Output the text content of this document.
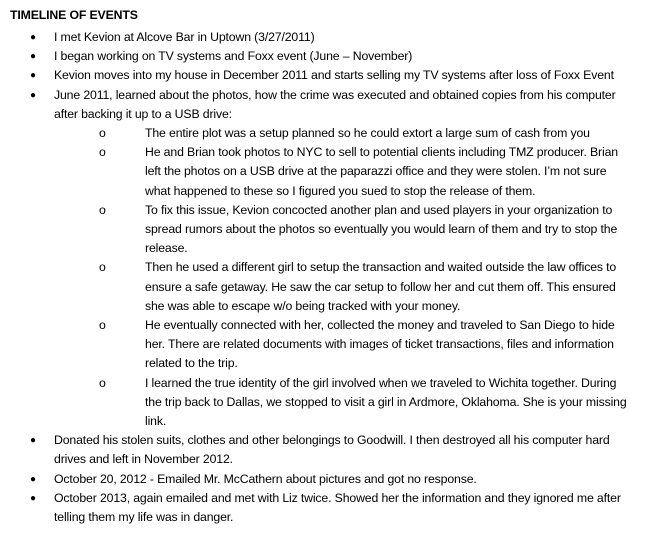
TIMELINE OF EVENTS
● I met Kevion at Alcove Bar in Uptown (3/27/2011)
● I began working on TV systems and Foxx event (June – November)
● Kevion moves into my house in December 2011 and starts selling my TV systems after loss of Foxx Event
● June 2011, learned about the photos, how the crime was executed and obtained copies from his computer after backing it up to a USB drive:
o	The entire plot was a setup planned so he could extort a large sum of cash from you
o	He and Brian took photos to NYC to sell to potential clients including TMZ producer. Brian left the photos on a USB drive at the paparazzi office and they were stolen. I’m not sure what happened to these so I figured you sued to stop the release of them.
o	To fix this issue, Kevion concocted another plan and used players in your organization to spread rumors about the photos so eventually you would learn of them and try to stop the release.
o	Then he used a different girl to setup the transaction and waited outside the law offices to ensure a safe getaway. He saw the car setup to follow her and cut them off. This ensured she was able to escape w/o being tracked with your money.
o	He eventually connected with her, collected the money and traveled to San Diego to hide her. There are related documents with images of ticket transactions, files and information related to the trip.
o	I learned the true identity of the girl involved when we traveled to Wichita together. During the trip back to Dallas, we stopped to visit a girl in Ardmore, Oklahoma. She is your missing link.
● Donated his stolen suits, clothes and other belongings to Goodwill. I then destroyed all his computer hard drives and left in November 2012.
● October 20, 2012 - Emailed Mr. McCathern about pictures and got no response.
● October 2013, again emailed and met with Liz twice. Showed her the information and they ignored me after telling them my life was in danger.
